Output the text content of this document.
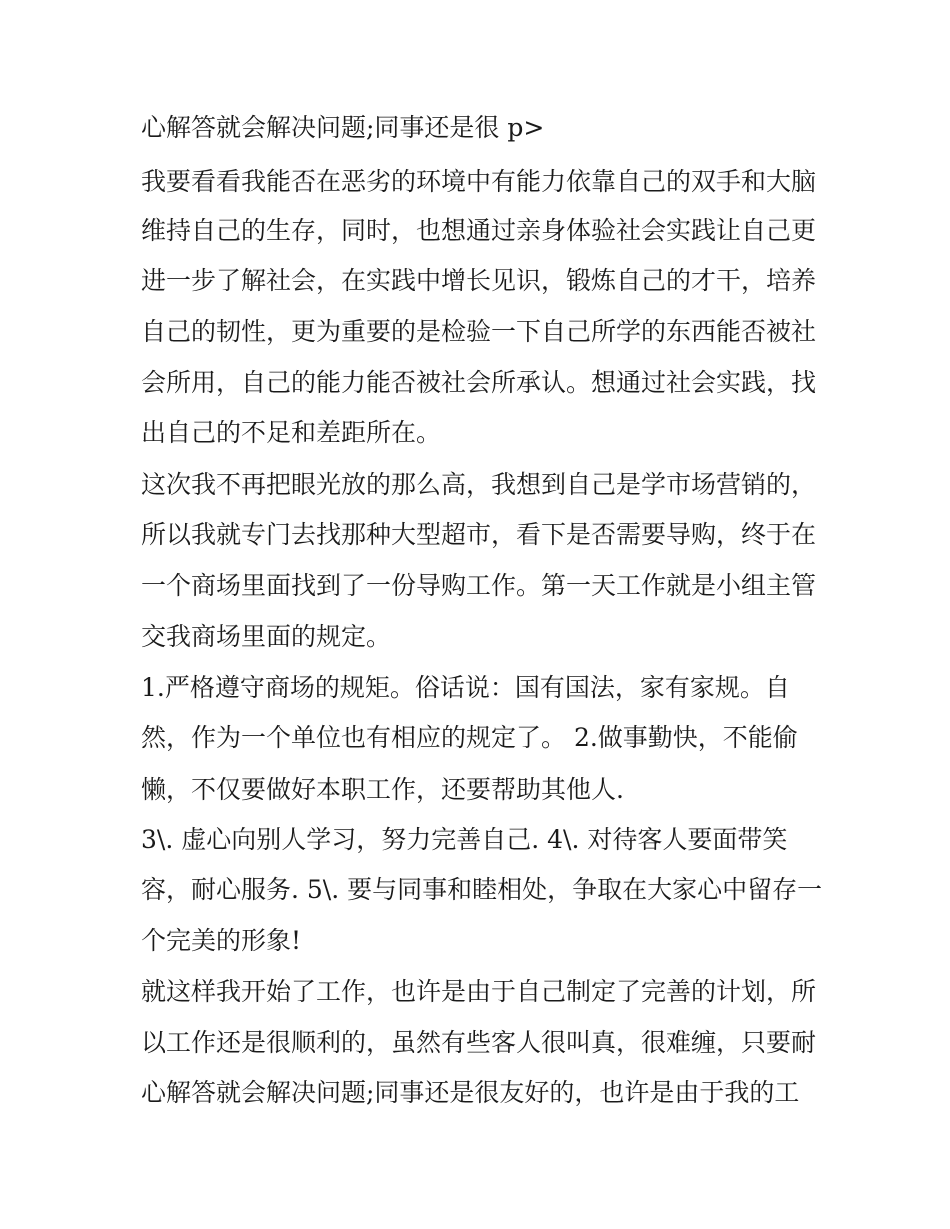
心解答就会解决问题;同事还是很 p>
我要看看我能否在恶劣的环境中有能力依靠自己的双手和大脑
维持自己的生存，同时，也想通过亲身体验社会实践让自己更
进一步了解社会，在实践中增长见识，锻炼自己的才干，培养
自己的韧性，更为重要的是检验一下自己所学的东西能否被社
会所用，自己的能力能否被社会所承认。想通过社会实践，找
出自己的不足和差距所在。
这次我不再把眼光放的那么高，我想到自己是学市场营销的，
所以我就专门去找那种大型超市，看下是否需要导购，终于在
一个商场里面找到了一份导购工作。第一天工作就是小组主管
交我商场里面的规定。
1.严格遵守商场的规矩。俗话说：国有国法，家有家规。自
然，作为一个单位也有相应的规定了。 2.做事勤快，不能偷
懒，不仅要做好本职工作，还要帮助其他人.
3\. 虚心向别人学习，努力完善自己. 4\. 对待客人要面带笑
容，耐心服务. 5\. 要与同事和睦相处，争取在大家心中留存一
个完美的形象!
就这样我开始了工作，也许是由于自己制定了完善的计划，所
以工作还是很顺利的，虽然有些客人很叫真，很难缠，只要耐
心解答就会解决问题;同事还是很友好的，也许是由于我的工
